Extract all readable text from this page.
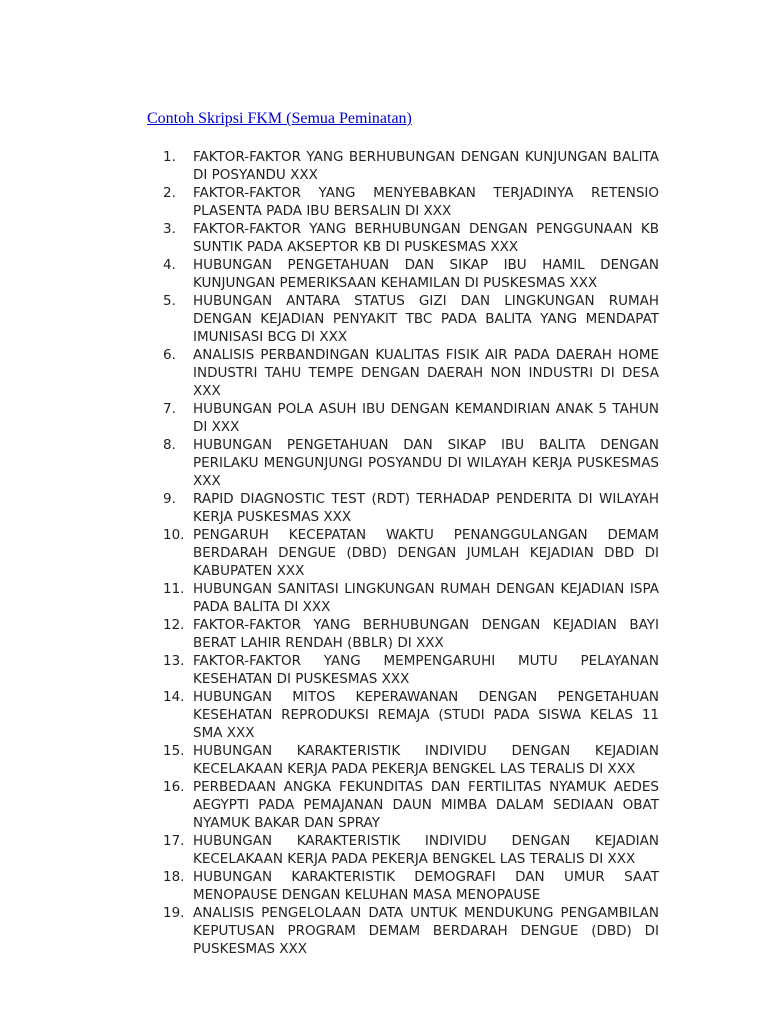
Contoh Skripsi FKM (Semua Peminatan)
1.	FAKTOR-FAKTOR YANG BERHUBUNGAN DENGAN KUNJUNGAN BALITA DI POSYANDU XXX
2.	FAKTOR-FAKTOR YANG MENYEBABKAN TERJADINYA RETENSIO PLASENTA PADA IBU BERSALIN DI XXX
3.	FAKTOR-FAKTOR YANG BERHUBUNGAN DENGAN PENGGUNAAN KB SUNTIK PADA AKSEPTOR KB DI PUSKESMAS XXX
4.	HUBUNGAN PENGETAHUAN DAN SIKAP IBU HAMIL DENGAN KUNJUNGAN PEMERIKSAAN KEHAMILAN DI PUSKESMAS XXX
5.	HUBUNGAN ANTARA STATUS GIZI DAN LINGKUNGAN RUMAH DENGAN KEJADIAN PENYAKIT TBC PADA BALITA YANG MENDAPAT IMUNISASI BCG DI XXX
6.	ANALISIS PERBANDINGAN KUALITAS FISIK AIR PADA DAERAH HOME INDUSTRI TAHU TEMPE DENGAN DAERAH NON INDUSTRI DI DESA XXX
7.	HUBUNGAN POLA ASUH IBU DENGAN KEMANDIRIAN ANAK 5 TAHUN DI XXX
8.	HUBUNGAN PENGETAHUAN DAN SIKAP IBU BALITA DENGAN PERILAKU MENGUNJUNGI POSYANDU DI WILAYAH KERJA PUSKESMAS XXX
9.	RAPID DIAGNOSTIC TEST (RDT) TERHADAP PENDERITA DI WILAYAH KERJA PUSKESMAS XXX
10. PENGARUH KECEPATAN WAKTU PENANGGULANGAN DEMAM BERDARAH DENGUE (DBD) DENGAN JUMLAH KEJADIAN DBD DI KABUPATEN XXX
11. HUBUNGAN SANITASI LINGKUNGAN RUMAH DENGAN KEJADIAN ISPA PADA BALITA DI XXX
12. FAKTOR-FAKTOR YANG BERHUBUNGAN DENGAN KEJADIAN BAYI BERAT LAHIR RENDAH (BBLR) DI XXX
13. FAKTOR-FAKTOR YANG MEMPENGARUHI MUTU PELAYANAN KESEHATAN DI PUSKESMAS XXX
14. HUBUNGAN MITOS KEPERAWANAN DENGAN PENGETAHUAN KESEHATAN REPRODUKSI REMAJA (STUDI PADA SISWA KELAS 11 SMA XXX
15. HUBUNGAN KARAKTERISTIK INDIVIDU DENGAN KEJADIAN KECELAKAAN KERJA PADA PEKERJA BENGKEL LAS TERALIS DI XXX
16. PERBEDAAN ANGKA FEKUNDITAS DAN FERTILITAS NYAMUK AEDES AEGYPTI PADA PEMAJANAN DAUN MIMBA DALAM SEDIAAN OBAT NYAMUK BAKAR DAN SPRAY
17. HUBUNGAN KARAKTERISTIK INDIVIDU DENGAN KEJADIAN KECELAKAAN KERJA PADA PEKERJA BENGKEL LAS TERALIS DI XXX
18. HUBUNGAN KARAKTERISTIK DEMOGRAFI DAN UMUR SAAT MENOPAUSE DENGAN KELUHAN MASA MENOPAUSE
19. ANALISIS PENGELOLAAN DATA UNTUK MENDUKUNG PENGAMBILAN KEPUTUSAN PROGRAM DEMAM BERDARAH DENGUE (DBD) DI PUSKESMAS XXX
